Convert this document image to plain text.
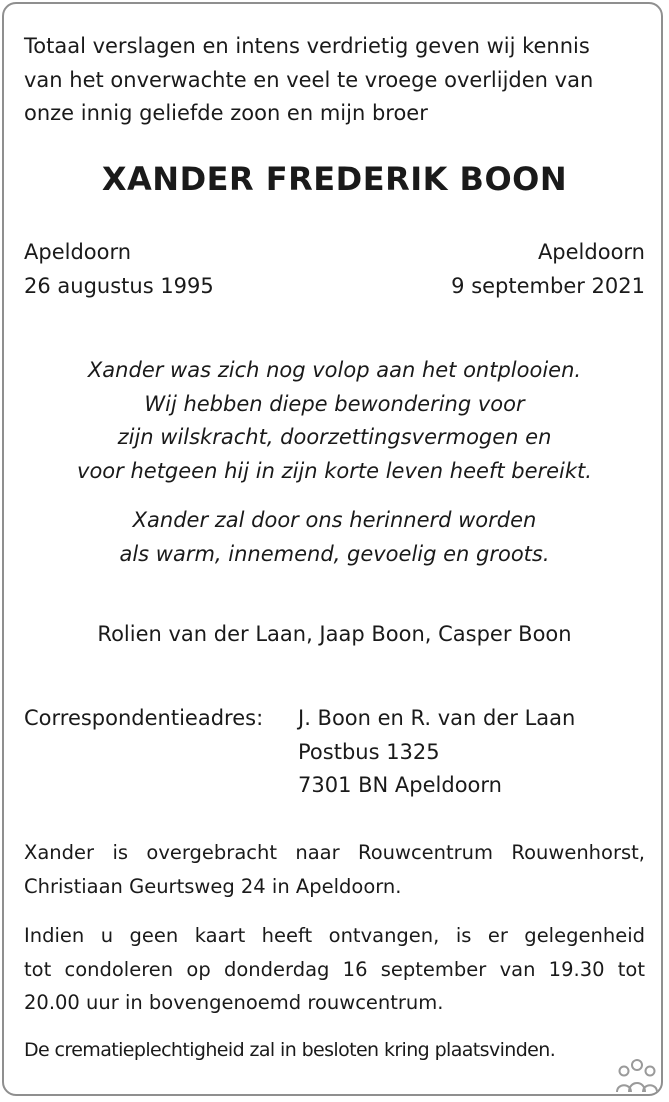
Totaal verslagen en intens verdrietig geven wij kennis
van het onverwachte en veel te vroege overlijden van
onze innig geliefde zoon en mijn broer
XANDER FREDERIK BOON
Apeldoorn
26 augustus 1995
Apeldoorn
9 september 2021
Xander was zich nog volop aan het ontplooien.
Wij hebben diepe bewondering voor
zijn wilskracht, doorzettingsvermogen en
voor hetgeen hij in zijn korte leven heeft bereikt.
Xander zal door ons herinnerd worden
als warm, innemend, gevoelig en groots.
Rolien van der Laan, Jaap Boon, Casper Boon
Correspondentieadres: J. Boon en R. van der Laan
Postbus 1325
7301 BN Apeldoorn
Xander is overgebracht naar Rouwcentrum Rouwenhorst,
Christiaan Geurtsweg 24 in Apeldoorn.
Indien u geen kaart heeft ontvangen, is er gelegenheid
tot condoleren op donderdag 16 september van 19.30 tot
20.00 uur in bovengenoemd rouwcentrum.
De crematieplechtigheid zal in besloten kring plaatsvinden.
